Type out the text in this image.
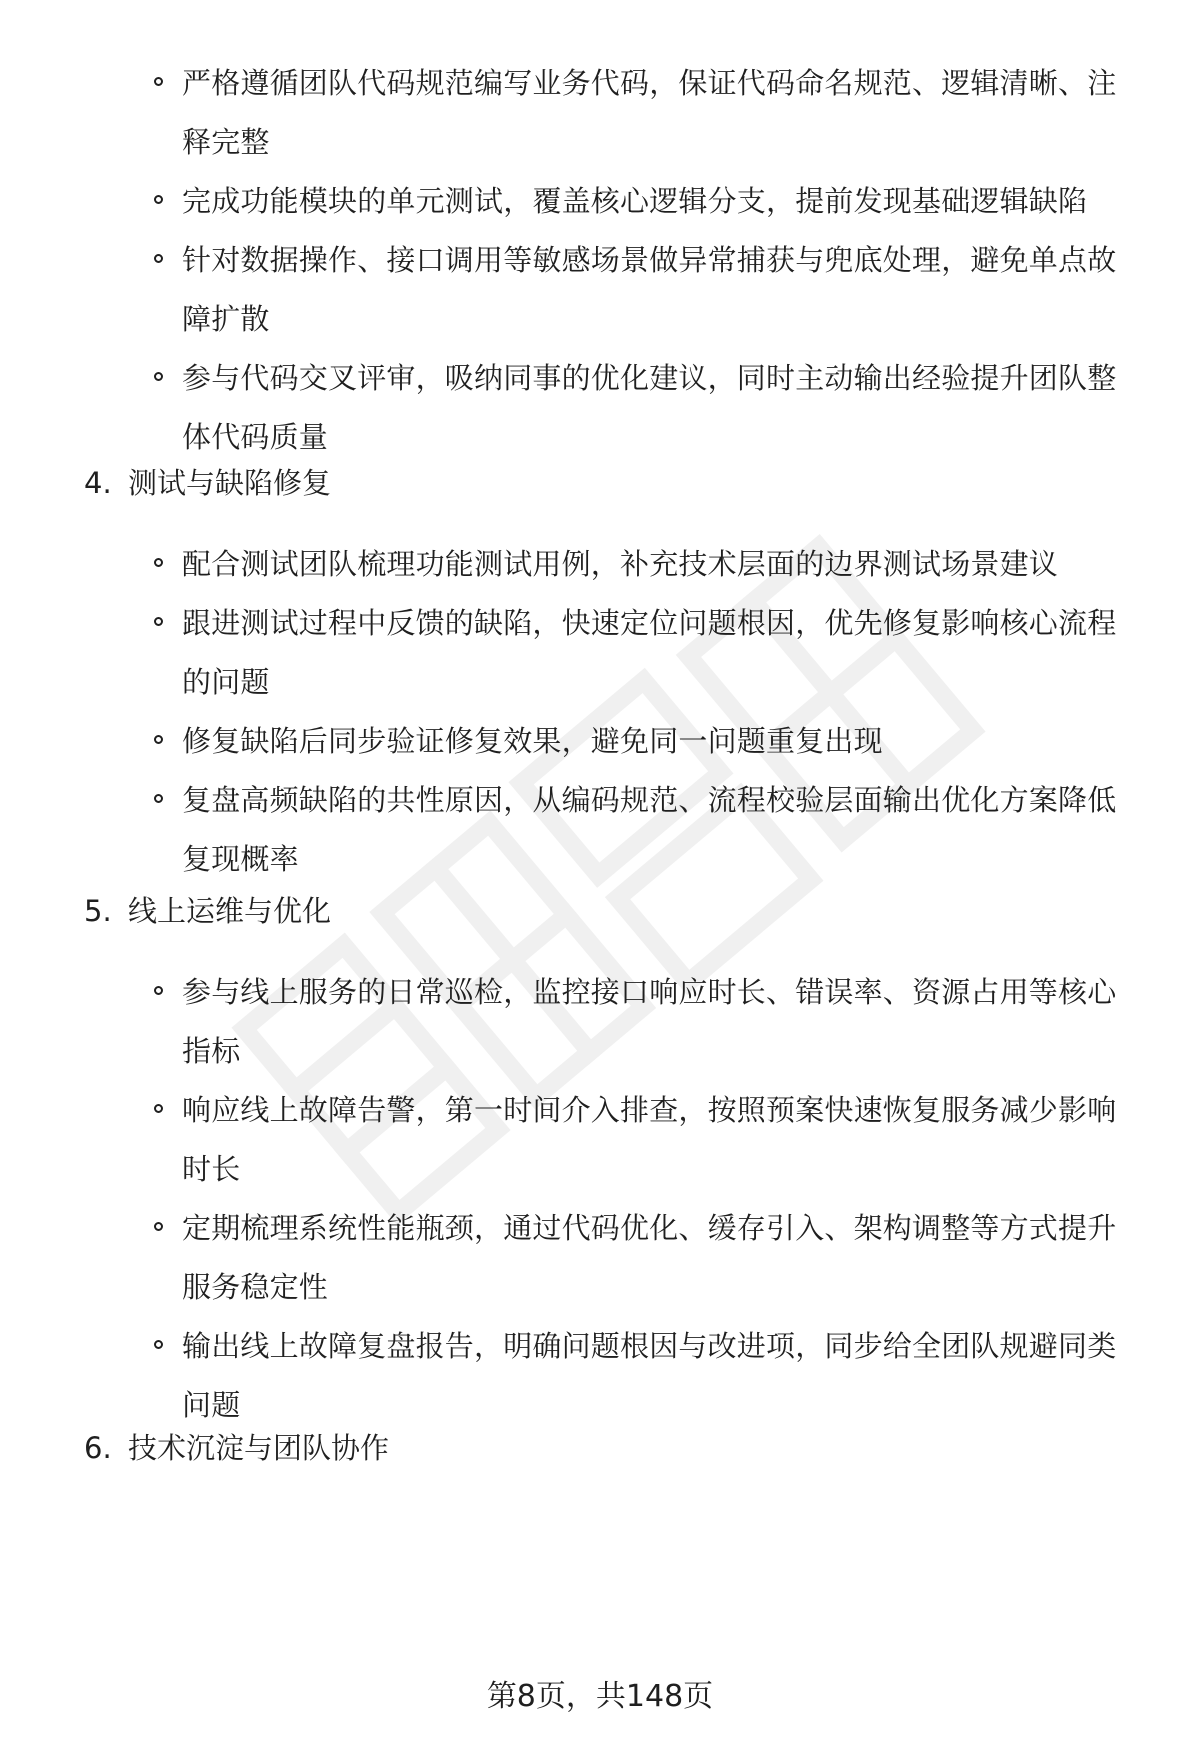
严格遵循团队代码规范编写业务代码，保证代码命名规范、逻辑清晰、注释完整
完成功能模块的单元测试，覆盖核心逻辑分支，提前发现基础逻辑缺陷
针对数据操作、接口调用等敏感场景做异常捕获与兜底处理，避免单点故障扩散
参与代码交叉评审，吸纳同事的优化建议，同时主动输出经验提升团队整体代码质量
4. 测试与缺陷修复
配合测试团队梳理功能测试用例，补充技术层面的边界测试场景建议
跟进测试过程中反馈的缺陷，快速定位问题根因，优先修复影响核心流程的问题
修复缺陷后同步验证修复效果，避免同一问题重复出现
复盘高频缺陷的共性原因，从编码规范、流程校验层面输出优化方案降低复现概率
5. 线上运维与优化
参与线上服务的日常巡检，监控接口响应时长、错误率、资源占用等核心指标
响应线上故障告警，第一时间介入排查，按照预案快速恢复服务减少影响时长
定期梳理系统性能瓶颈，通过代码优化、缓存引入、架构调整等方式提升服务稳定性
输出线上故障复盘报告，明确问题根因与改进项，同步给全团队规避同类问题
6. 技术沉淀与团队协作
第8页，共148页
